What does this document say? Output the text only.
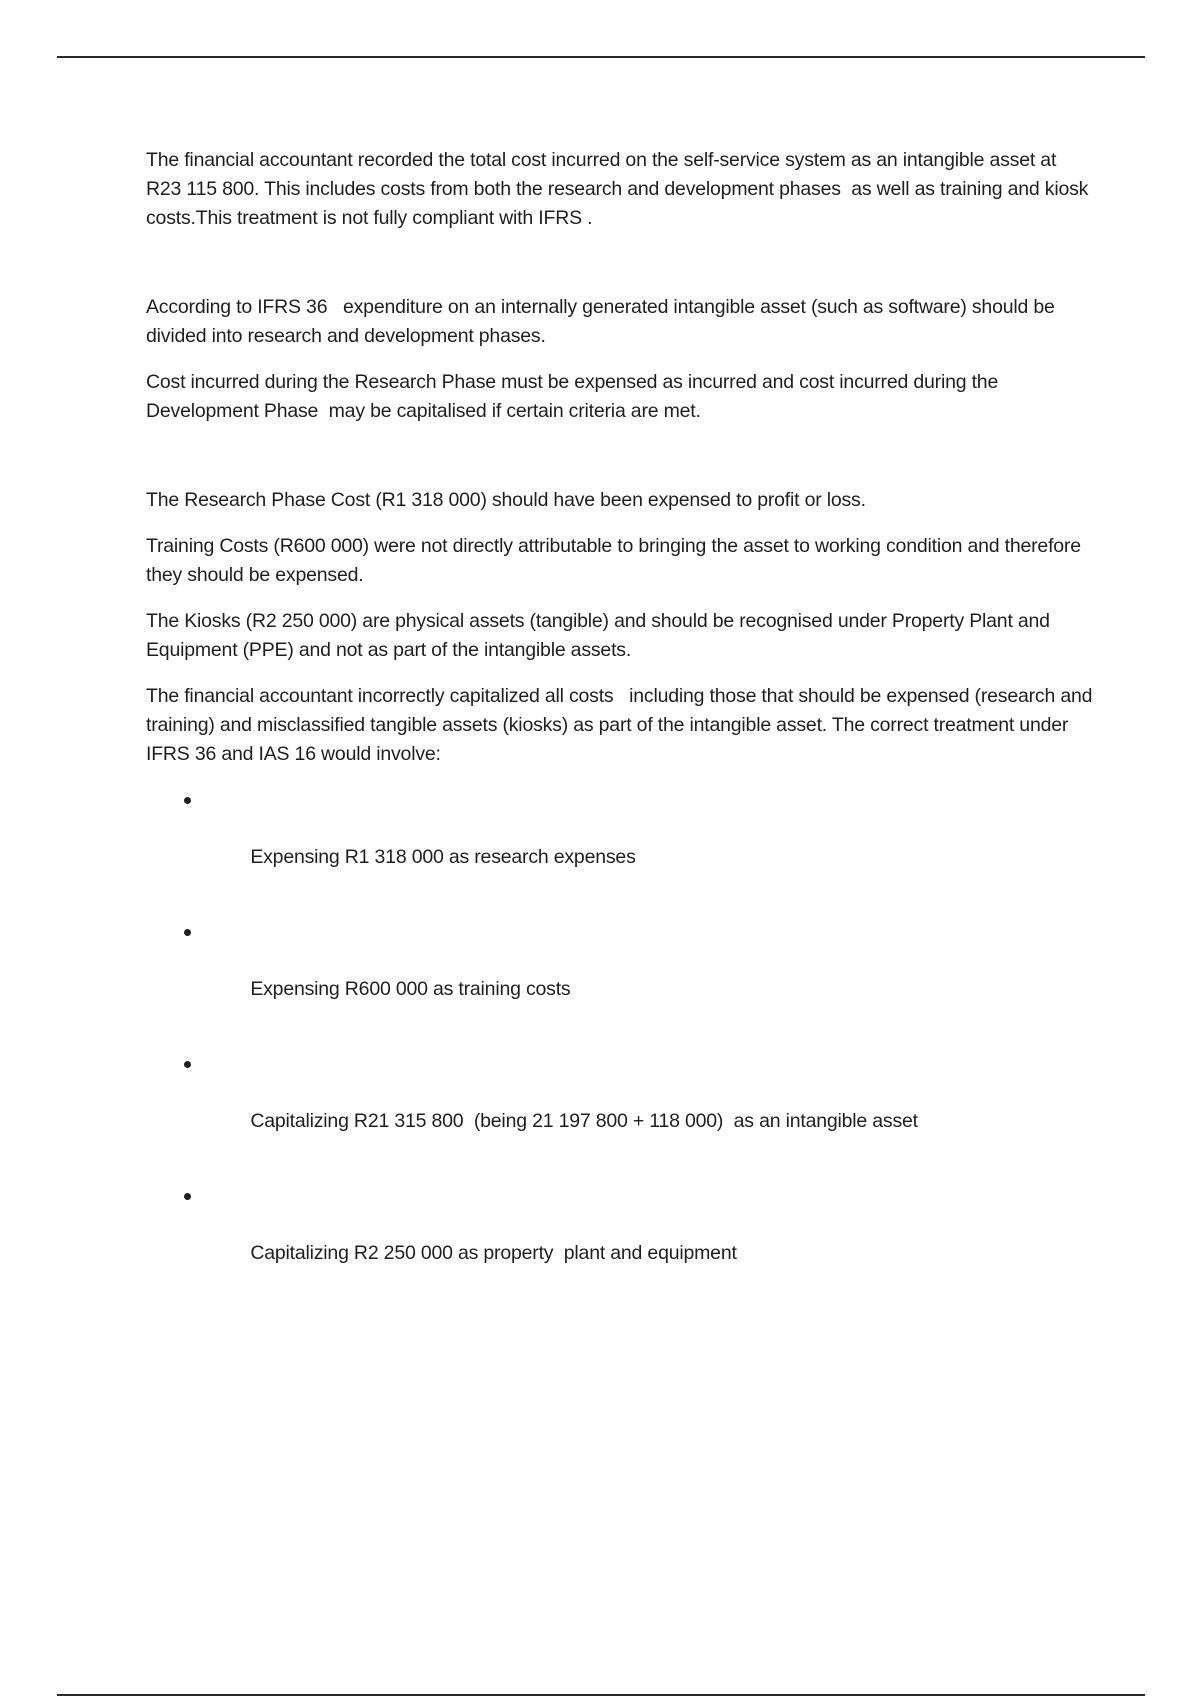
The financial accountant recorded the total cost incurred on the self-service system as an intangible asset at R23 115 800. This includes costs from both the research and development phases  as well as training and kiosk costs.This treatment is not fully compliant with IFRS .

According to IFRS 36   expenditure on an internally generated intangible asset (such as software) should be divided into research and development phases.

Cost incurred during the Research Phase must be expensed as incurred and cost incurred during the Development Phase  may be capitalised if certain criteria are met.

The Research Phase Cost (R1 318 000) should have been expensed to profit or loss.

Training Costs (R600 000) were not directly attributable to bringing the asset to working condition and therefore  they should be expensed.

The Kiosks (R2 250 000) are physical assets (tangible) and should be recognised under Property Plant and Equipment (PPE) and not as part of the intangible assets.

The financial accountant incorrectly capitalized all costs   including those that should be expensed (research and training) and misclassified tangible assets (kiosks) as part of the intangible asset. The correct treatment under IFRS 36 and IAS 16 would involve:

Expensing R1 318 000 as research expenses

Expensing R600 000 as training costs

Capitalizing R21 315 800  (being 21 197 800 + 118 000)  as an intangible asset

Capitalizing R2 250 000 as property  plant and equipment
